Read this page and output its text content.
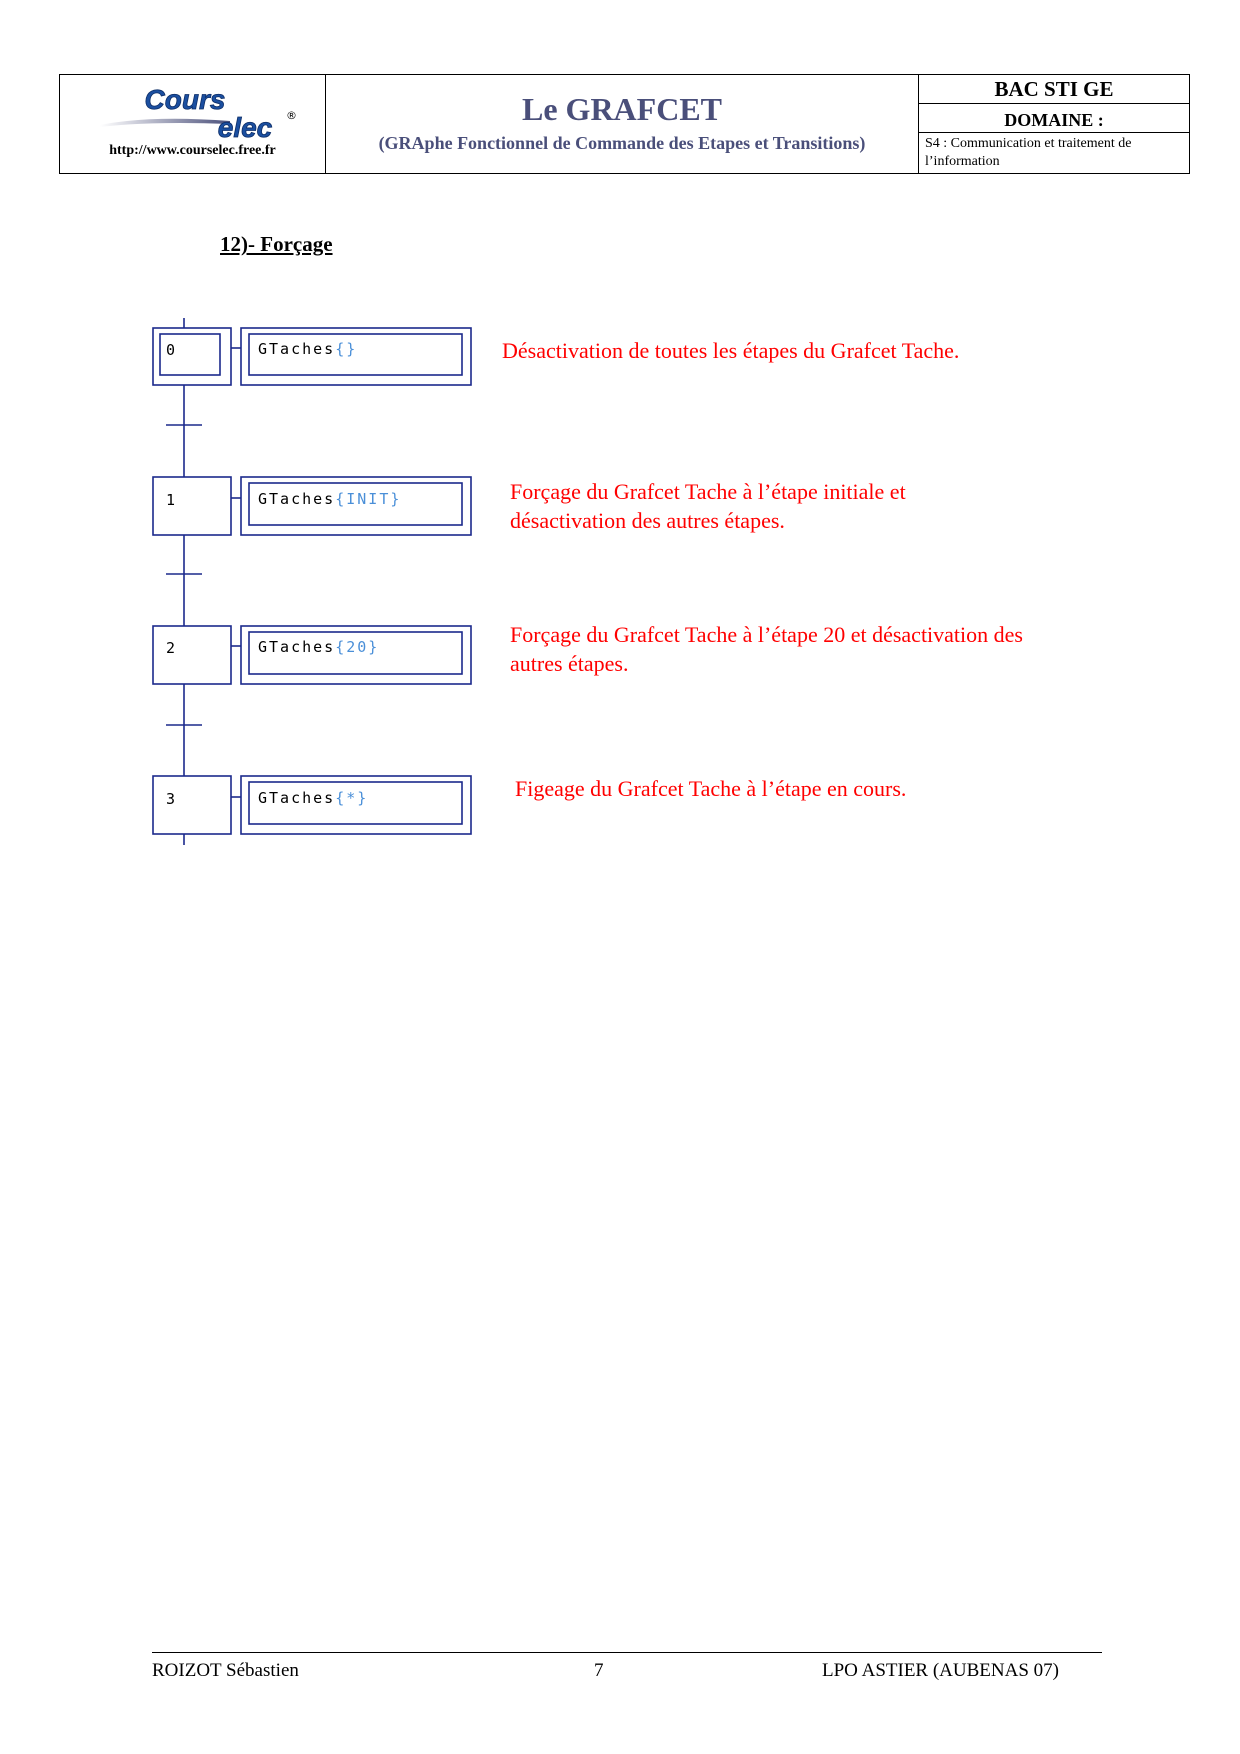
Cours
elec ®
http://www.courselec.free.fr
Le GRAFCET
(GRAphe Fonctionnel de Commande des Etapes et Transitions)
BAC STI GE
DOMAINE :
S4 : Communication et traitement de l’information
12)- Forçage
0
1
2
3
GTaches{}
GTaches{INIT}
GTaches{20}
GTaches{*}
Désactivation de toutes les étapes du Grafcet Tache.
Forçage du Grafcet Tache à l’étape initiale et désactivation des autres étapes.
Forçage du Grafcet Tache à l’étape 20 et désactivation des autres étapes.
Figeage du Grafcet Tache à l’étape en cours.
ROIZOT Sébastien	7	LPO ASTIER (AUBENAS 07)
